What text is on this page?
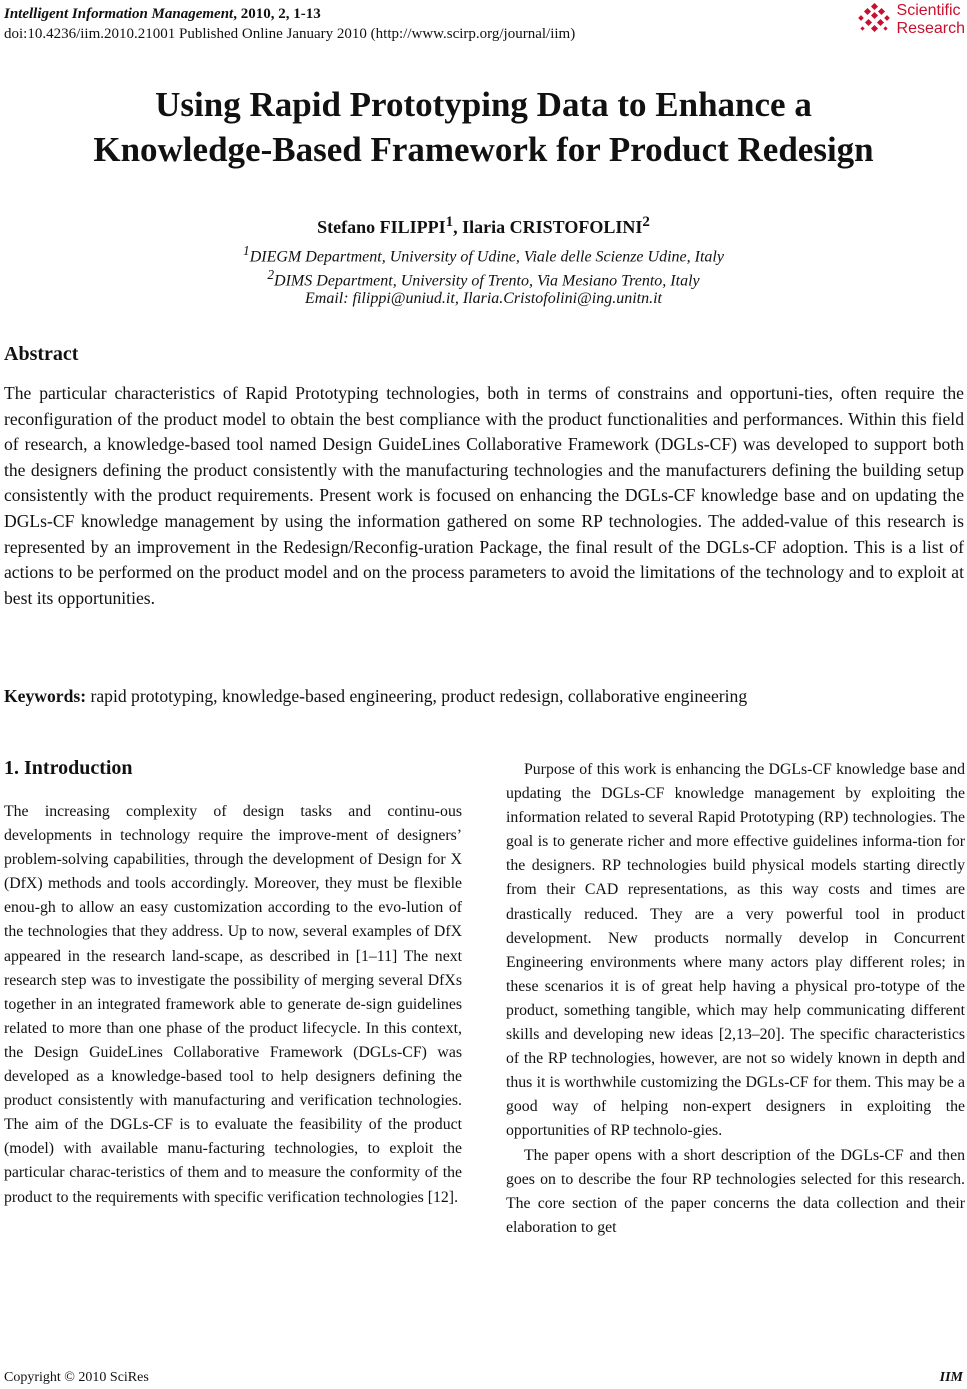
Intelligent Information Management, 2010, 2, 1-13
doi:10.4236/iim.2010.21001 Published Online January 2010 (http://www.scirp.org/journal/iim)
Scientific
Research
Using Rapid Prototyping Data to Enhance a
Knowledge-Based Framework for Product Redesign
Stefano FILIPPI$^1$, Ilaria CRISTOFOLINI$^2$
$^1$DIEGM Department, University of Udine, Viale delle Scienze Udine, Italy
$^2$DIMS Department, University of Trento, Via Mesiano Trento, Italy
Email: filippi@uniud.it, Ilaria.Cristofolini@ing.unitn.it
Abstract

The particular characteristics of Rapid Prototyping technologies, both in terms of constrains and opportuni-ties, often require the reconfiguration of the product model to obtain the best compliance with the product functionalities and performances. Within this field of research, a knowledge-based tool named Design GuideLines Collaborative Framework (DGLs-CF) was developed to support both the designers defining the product consistently with the manufacturing technologies and the manufacturers defining the building setup consistently with the product requirements. Present work is focused on enhancing the DGLs-CF knowledge base and on updating the DGLs-CF knowledge management by using the information gathered on some RP technologies. The added-value of this research is represented by an improvement in the Redesign/Reconfig-uration Package, the final result of the DGLs-CF adoption. This is a list of actions to be performed on the product model and on the process parameters to avoid the limitations of the technology and to exploit at best its opportunities.

Keywords: rapid prototyping, knowledge-based engineering, product redesign, collaborative engineering
1. Introduction

The increasing complexity of design tasks and continu-ous developments in technology require the improve-ment of designers’ problem-solving capabilities, through the development of Design for X (DfX) methods and tools accordingly. Moreover, they must be flexible enou-gh to allow an easy customization according to the evo-lution of the technologies that they address. Up to now, several examples of DfX appeared in the research land-scape, as described in [1–11] The next research step was to investigate the possibility of merging several DfXs together in an integrated framework able to generate de-sign guidelines related to more than one phase of the product lifecycle. In this context, the Design GuideLines Collaborative Framework (DGLs-CF) was developed as a knowledge-based tool to help designers defining the product consistently with manufacturing and verification technologies. The aim of the DGLs-CF is to evaluate the feasibility of the product (model) with available manu-facturing technologies, to exploit the particular charac-teristics of them and to measure the conformity of the product to the requirements with specific verification technologies [12].

Purpose of this work is enhancing the DGLs-CF knowledge base and updating the DGLs-CF knowledge management by exploiting the information related to several Rapid Prototyping (RP) technologies. The goal is to generate richer and more effective guidelines informa-tion for the designers. RP technologies build physical models starting directly from their CAD representations, as this way costs and times are drastically reduced. They are a very powerful tool in product development. New products normally develop in Concurrent Engineering environments where many actors play different roles; in these scenarios it is of great help having a physical pro-totype of the product, something tangible, which may help communicating different skills and developing new ideas [2,13–20]. The specific characteristics of the RP technologies, however, are not so widely known in depth and thus it is worthwhile customizing the DGLs-CF for them. This may be a good way of helping non-expert designers in exploiting the opportunities of RP technolo-gies.

The paper opens with a short description of the DGLs-CF and then goes on to describe the four RP technologies selected for this research. The core section of the paper concerns the data collection and their elaboration to get

Copyright © 2010 SciRes	IIM
